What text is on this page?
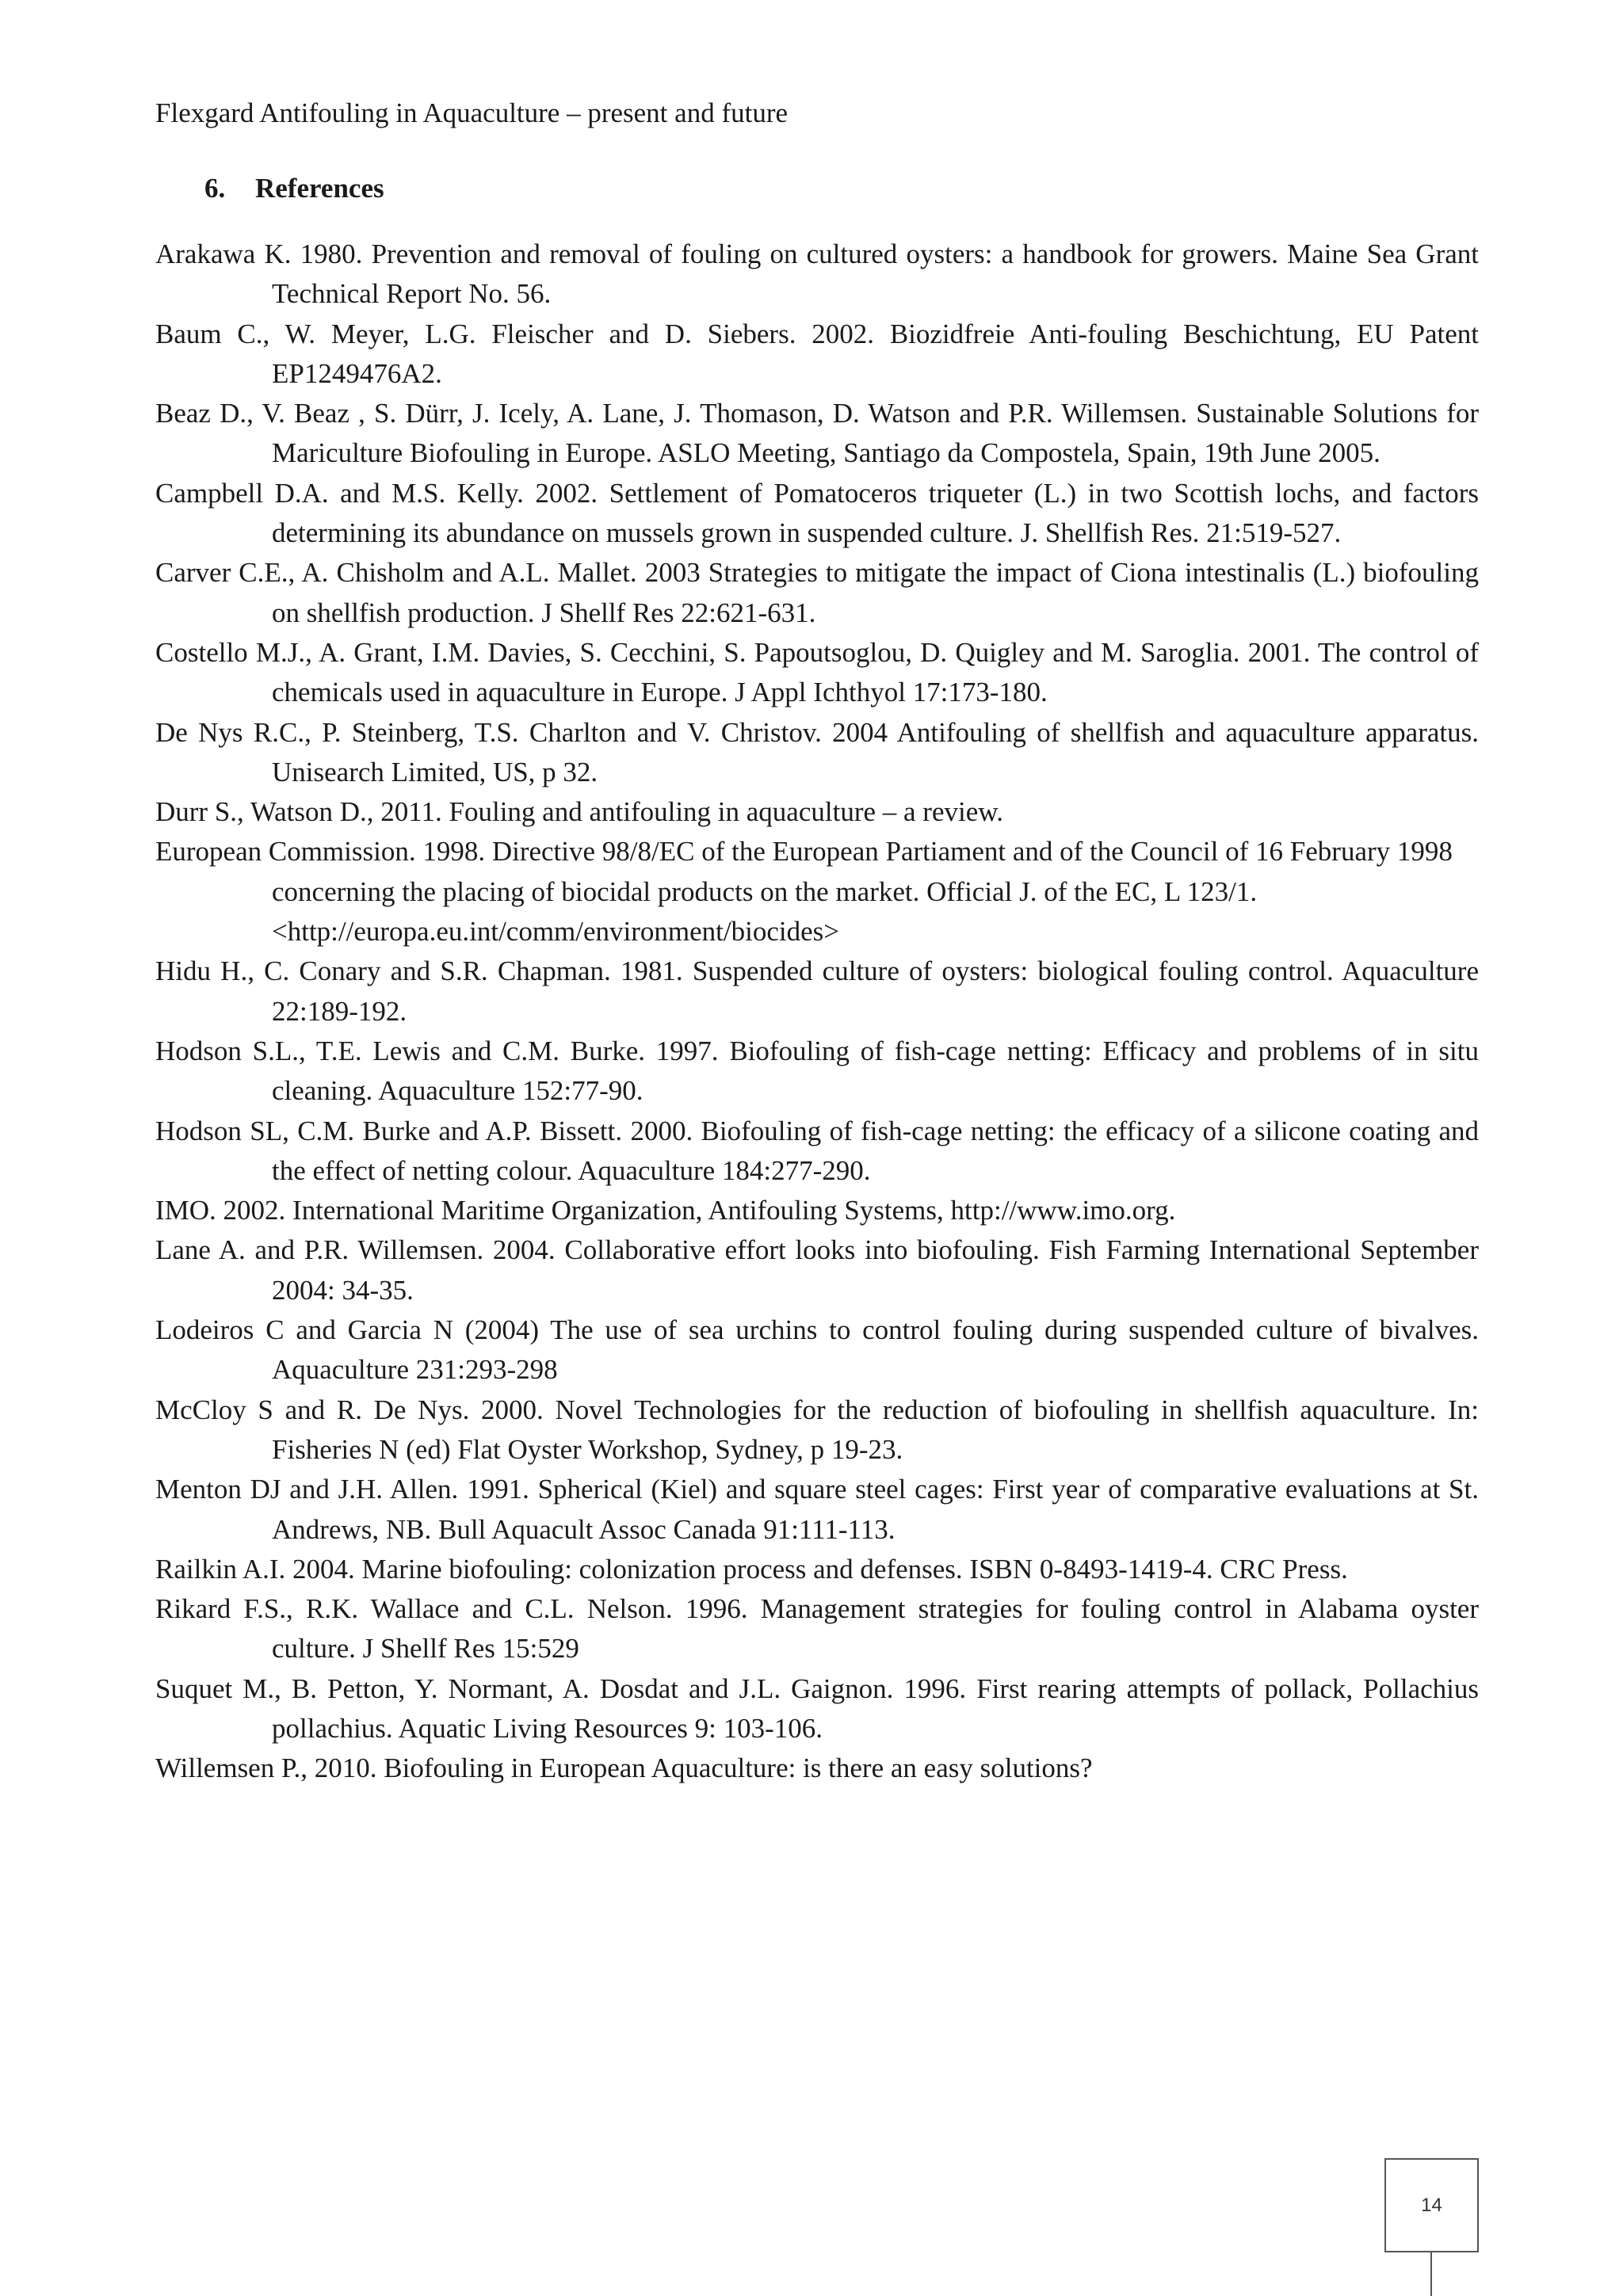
Flexgard Antifouling in Aquaculture – present and future
6. References
Arakawa K. 1980. Prevention and removal of fouling on cultured oysters: a handbook for growers. Maine Sea Grant Technical Report No. 56.
Baum C., W. Meyer, L.G. Fleischer and D. Siebers. 2002. Biozidfreie Anti-fouling Beschichtung, EU Patent EP1249476A2.
Beaz D., V. Beaz , S. Dürr, J. Icely, A. Lane, J. Thomason, D. Watson and P.R. Willemsen. Sustainable Solutions for Mariculture Biofouling in Europe. ASLO Meeting, Santiago da Compostela, Spain, 19th June 2005.
Campbell D.A. and M.S. Kelly. 2002. Settlement of Pomatoceros triqueter (L.) in two Scottish lochs, and factors determining its abundance on mussels grown in suspended culture. J. Shellfish Res. 21:519-527.
Carver C.E., A. Chisholm and A.L. Mallet. 2003 Strategies to mitigate the impact of Ciona intestinalis (L.) biofouling on shellfish production. J Shellf Res 22:621-631.
Costello M.J., A. Grant, I.M. Davies, S. Cecchini, S. Papoutsoglou, D. Quigley and M. Saroglia. 2001. The control of chemicals used in aquaculture in Europe. J Appl Ichthyol 17:173-180.
De Nys R.C., P. Steinberg, T.S. Charlton and V. Christov. 2004 Antifouling of shellfish and aquaculture apparatus. Unisearch Limited, US, p 32.
Durr S., Watson D., 2011. Fouling and antifouling in aquaculture – a review.
European Commission. 1998. Directive 98/8/EC of the European Partiament and of the Council of 16 February 1998 concerning the placing of biocidal products on the market. Official J. of the EC, L 123/1. <http://europa.eu.int/comm/environment/biocides>
Hidu H., C. Conary and S.R. Chapman. 1981. Suspended culture of oysters: biological fouling control. Aquaculture 22:189-192.
Hodson S.L., T.E. Lewis and C.M. Burke. 1997. Biofouling of fish-cage netting: Efficacy and problems of in situ cleaning. Aquaculture 152:77-90.
Hodson SL, C.M. Burke and A.P. Bissett. 2000. Biofouling of fish-cage netting: the efficacy of a silicone coating and the effect of netting colour. Aquaculture 184:277-290.
IMO. 2002. International Maritime Organization, Antifouling Systems, http://www.imo.org.
Lane A. and P.R. Willemsen. 2004. Collaborative effort looks into biofouling. Fish Farming International September 2004: 34-35.
Lodeiros C and Garcia N (2004) The use of sea urchins to control fouling during suspended culture of bivalves. Aquaculture 231:293-298
McCloy S and R. De Nys. 2000. Novel Technologies for the reduction of biofouling in shellfish aquaculture. In: Fisheries N (ed) Flat Oyster Workshop, Sydney, p 19-23.
Menton DJ and J.H. Allen. 1991. Spherical (Kiel) and square steel cages: First year of comparative evaluations at St. Andrews, NB. Bull Aquacult Assoc Canada 91:111-113.
Railkin A.I. 2004. Marine biofouling: colonization process and defenses. ISBN 0-8493-1419-4. CRC Press.
Rikard F.S., R.K. Wallace and C.L. Nelson. 1996. Management strategies for fouling control in Alabama oyster culture. J Shellf Res 15:529
Suquet M., B. Petton, Y. Normant, A. Dosdat and J.L. Gaignon. 1996. First rearing attempts of pollack, Pollachius pollachius. Aquatic Living Resources 9: 103-106.
Willemsen P., 2010. Biofouling in European Aquaculture: is there an easy solutions?
14
